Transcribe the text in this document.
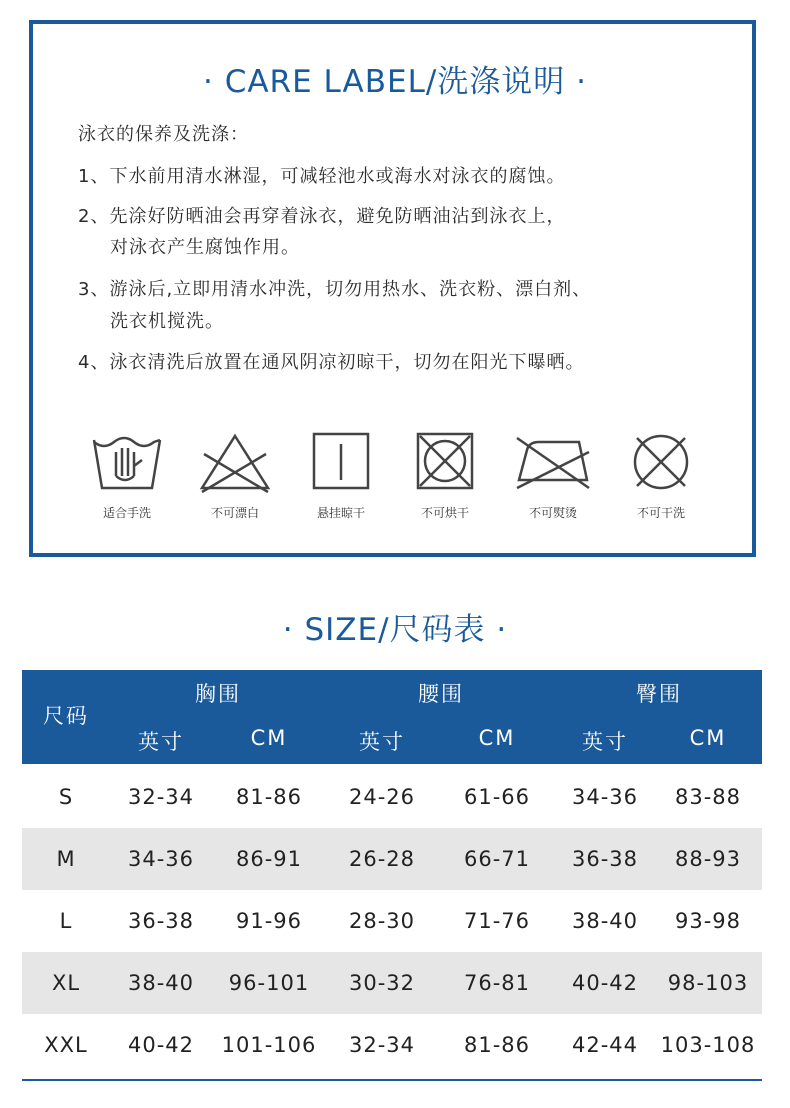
· CARE LABEL/洗涤说明 ·
泳衣的保养及洗涤：
1、下水前用清水淋湿，可减轻池水或海水对泳衣的腐蚀。
2、先涂好防晒油会再穿着泳衣，避免防晒油沾到泳衣上，
对泳衣产生腐蚀作用。
3、游泳后,立即用清水冲洗，切勿用热水、洗衣粉、漂白剂、
洗衣机搅洗。
4、泳衣清洗后放置在通风阴凉初晾干，切勿在阳光下曝晒。
适合手洗	不可漂白	悬挂晾干	不可烘干	不可熨烫	不可干洗
· SIZE/尺码表 ·
尺码
胸围	腰围	臀围
英寸	CM	英寸	CM	英寸	CM
S	32-34	81-86	24-26	61-66	34-36	83-88
M	34-36	86-91	26-28	66-71	36-38	88-93
L	36-38	91-96	28-30	71-76	38-40	93-98
XL	38-40	96-101	30-32	76-81	40-42	98-103
XXL	40-42	101-106	32-34	81-86	42-44	103-108
